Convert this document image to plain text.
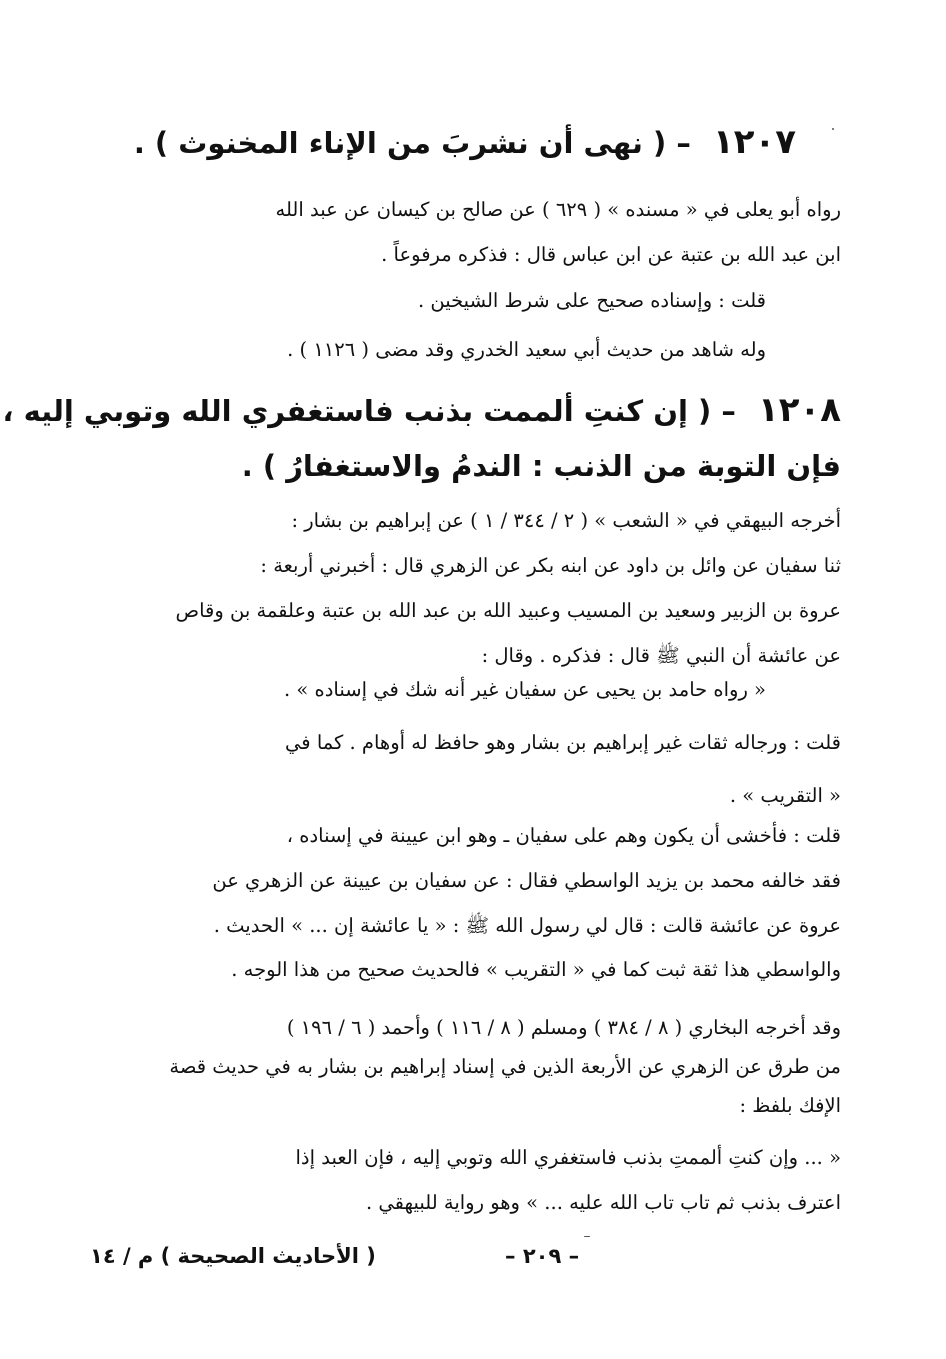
١٢٠٧ – ( نهى أن نشربَ من الإناء المخنوث ) .
رواه أبو يعلى في « مسنده » ( ٦٢٩ ) عن صالح بن كيسان عن عبد الله
ابن عبد الله بن عتبة عن ابن عباس قال : فذكره مرفوعاً .
قلت : وإسناده صحيح على شرط الشيخين .
وله شاهد من حديث أبي سعيد الخدري وقد مضى ( ١١٢٦ ) .
١٢٠٨ – ( إن كنتِ ألممت بذنب فاستغفري الله وتوبي إليه ،
فإن التوبة من الذنب : الندمُ والاستغفارُ ) .
أخرجه البيهقي في « الشعب » ( ٢ / ٣٤٤ / ١ ) عن إبراهيم بن بشار :
ثنا سفيان عن وائل بن داود عن ابنه بكر عن الزهري قال : أخبرني أربعة :
عروة بن الزبير وسعيد بن المسيب وعبيد الله بن عبد الله بن عتبة وعلقمة بن وقاص
عن عائشة أن النبي ﷺ قال : فذكره . وقال :
« رواه حامد بن يحيى عن سفيان غير أنه شك في إسناده » .
قلت : ورجاله ثقات غير إبراهيم بن بشار وهو حافظ له أوهام . كما في
« التقريب » .
قلت : فأخشى أن يكون وهم على سفيان ـ وهو ابن عيينة في إسناده ،
فقد خالفه محمد بن يزيد الواسطي فقال : عن سفيان بن عيينة عن الزهري عن
عروة عن عائشة قالت : قال لي رسول الله ﷺ : « يا عائشة إن ... » الحديث .
والواسطي هذا ثقة ثبت كما في « التقريب » فالحديث صحيح من هذا الوجه .
وقد أخرجه البخاري ( ٨ / ٣٨٤ ) ومسلم ( ٨ / ١١٦ ) وأحمد ( ٦ / ١٩٦ )
من طرق عن الزهري عن الأربعة الذين في إسناد إبراهيم بن بشار به في حديث قصة
الإفك بلفظ :
« ... وإن كنتِ ألممتِ بذنب فاستغفري الله وتوبي إليه ، فإن العبد إذا
اعترف بذنب ثم تاب تاب الله عليه ... » وهو رواية للبيهقي .
– ٢٠٩ –
( الأحاديث الصحيحة ) م / ١٤
